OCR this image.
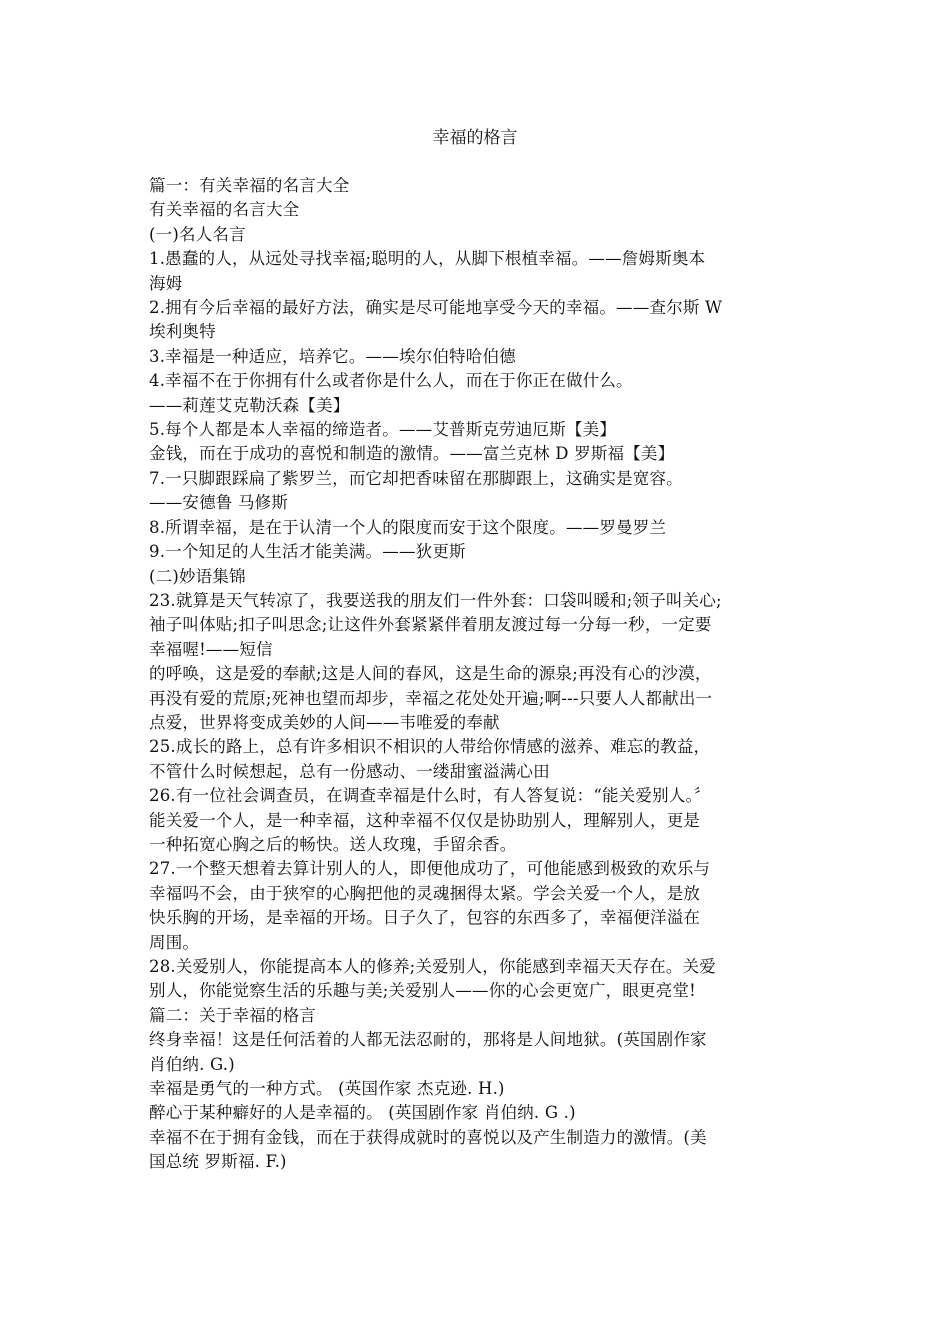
幸福的格言

篇一：有关幸福的名言大全

有关幸福的名言大全

(一)名人名言

1.愚蠢的人，从远处寻找幸福;聪明的人，从脚下根植幸福。——詹姆斯奥本

海姆

2.拥有今后幸福的最好方法，确实是尽可能地享受今天的幸福。——查尔斯 W

埃利奥特

3.幸福是一种适应，培养它。——埃尔伯特哈伯德

4.幸福不在于你拥有什么或者你是什么人，而在于你正在做什么。

——莉莲艾克勒沃森【美】

5.每个人都是本人幸福的缔造者。——艾普斯克劳迪厄斯【美】

金钱，而在于成功的喜悦和制造的激情。——富兰克林 D 罗斯福【美】

7.一只脚跟踩扁了紫罗兰，而它却把香味留在那脚跟上，这确实是宽容。

——安德鲁 马修斯

8.所谓幸福，是在于认清一个人的限度而安于这个限度。——罗曼罗兰

9.一个知足的人生活才能美满。——狄更斯

(二)妙语集锦

23.就算是天气转凉了，我要送我的朋友们一件外套：口袋叫暖和;领子叫关心;

袖子叫体贴;扣子叫思念;让这件外套紧紧伴着朋友渡过每一分每一秒，一定要

幸福喔!——短信

的呼唤，这是爱的奉献;这是人间的春风，这是生命的源泉;再没有心的沙漠，

再没有爱的荒原;死神也望而却步，幸福之花处处开遍;啊---只要人人都献出一

点爱，世界将变成美妙的人间——韦唯爱的奉献

25.成长的路上，总有许多相识不相识的人带给你情感的滋养、难忘的教益，

不管什么时候想起，总有一份感动、一缕甜蜜溢满心田

26.有一位社会调查员，在调查幸福是什么时，有人答复说：“能关爱别人。〞

能关爱一个人，是一种幸福，这种幸福不仅仅是协助别人，理解别人，更是

一种拓宽心胸之后的畅快。送人玫瑰，手留余香。

27.一个整天想着去算计别人的人，即便他成功了，可他能感到极致的欢乐与

幸福吗不会，由于狭窄的心胸把他的灵魂捆得太紧。学会关爱一个人，是放

快乐胸的开场，是幸福的开场。日子久了，包容的东西多了，幸福便洋溢在

周围。

28.关爱别人，你能提高本人的修养;关爱别人，你能感到幸福天天存在。关爱

别人，你能觉察生活的乐趣与美;关爱别人——你的心会更宽广，眼更亮堂!

篇二：关于幸福的格言

终身幸福！这是任何活着的人都无法忍耐的，那将是人间地狱。(英国剧作家

肖伯纳. G.)

幸福是勇气的一种方式。 (英国作家 杰克逊. H.)

醉心于某种癖好的人是幸福的。 (英国剧作家 肖伯纳. G .)

幸福不在于拥有金钱，而在于获得成就时的喜悦以及产生制造力的激情。(美

国总统 罗斯福. F.)
